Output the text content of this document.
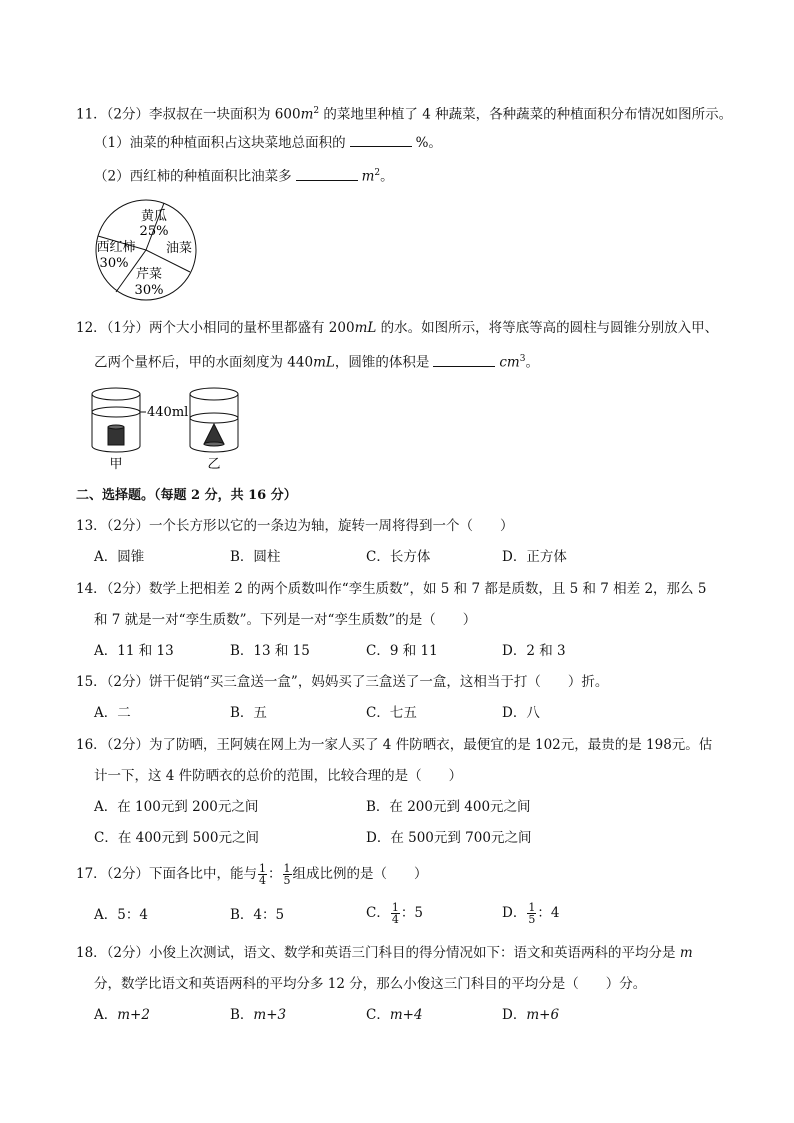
11．（2分）李叔叔在一块面积为 $600m^2$ 的菜地里种植了 4 种蔬菜，各种蔬菜的种植面积分布情况如图所示。
（1）油菜的种植面积占这块菜地总面积的	%。
（2）西红柿的种植面积比油菜多	$m^2$。
黄瓜
25%
西红柿
30%
油菜
芹菜
30%
12．（1分）两个大小相同的量杯里都盛有 200mL 的水。如图所示，将等底等高的圆柱与圆锥分别放入甲、
乙两个量杯后，甲的水面刻度为 440mL，圆锥的体积是	$cm^3$。
440ml
甲	乙
二、选择题。（每题 2 分，共 16 分）
13．（2分）一个长方形以它的一条边为轴，旋转一周将得到一个（　　）
A．圆锥	B．圆柱	C．长方体	D．正方体
14．（2分）数学上把相差 2 的两个质数叫作“孪生质数”，如 5 和 7 都是质数，且 5 和 7 相差 2，那么 5
和 7 就是一对“孪生质数”。下列是一对“孪生质数”的是（　　）
A．11 和 13	B．13 和 15	C．9 和 11	D．2 和 3
15．（2分）饼干促销“买三盒送一盒”，妈妈买了三盒送了一盒，这相当于打（　　）折。
A．二	B．五	C．七五	D．八
16．（2分）为了防晒，王阿姨在网上为一家人买了 4 件防晒衣，最便宜的是 102元，最贵的是 198元。估
计一下，这 4 件防晒衣的总价的范围，比较合理的是（　　）
A．在 100元到 200元之间	B．在 200元到 400元之间
C．在 400元到 500元之间	D．在 500元到 700元之间
17．（2分）下面各比中，能与 $\frac{1}{4}$ ： $\frac{1}{5}$ 组成比例的是（　　）
A．5：4	B．4：5	C． $\frac{1}{4}$ ：5	D． $\frac{1}{5}$ ：4
18．（2分）小俊上次测试，语文、数学和英语三门科目的得分情况如下：语文和英语两科的平均分是 m
分，数学比语文和英语两科的平均分多 12 分，那么小俊这三门科目的平均分是（　　）分。
A．m+2	B．m+3	C．m+4	D．m+6
